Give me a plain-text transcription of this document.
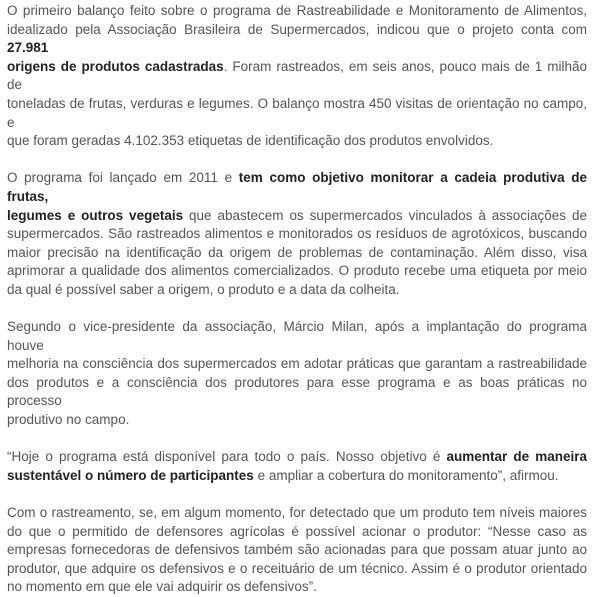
O primeiro balanço feito sobre o programa de Rastreabilidade e Monitoramento de Alimentos,
idealizado pela Associação Brasileira de Supermercados, indicou que o projeto conta com 27.981
origens de produtos cadastradas. Foram rastreados, em seis anos, pouco mais de 1 milhão de
toneladas de frutas, verduras e legumes. O balanço mostra 450 visitas de orientação no campo, e
que foram geradas 4.102.353 etiquetas de identificação dos produtos envolvidos.

O programa foi lançado em 2011 e tem como objetivo monitorar a cadeia produtiva de frutas,
legumes e outros vegetais que abastecem os supermercados vinculados à associações de
supermercados. São rastreados alimentos e monitorados os resíduos de agrotóxicos, buscando
maior precisão na identificação da origem de problemas de contaminação. Além disso, visa
aprimorar a qualidade dos alimentos comercializados. O produto recebe uma etiqueta por meio
da qual é possível saber a origem, o produto e a data da colheita.

Segundo o vice-presidente da associação, Márcio Milan, após a implantação do programa houve
melhoria na consciência dos supermercados em adotar práticas que garantam a rastreabilidade
dos produtos e a consciência dos produtores para esse programa e as boas práticas no processo
produtivo no campo.

“Hoje o programa está disponível para todo o país. Nosso objetivo é aumentar de maneira
sustentável o número de participantes e ampliar a cobertura do monitoramento”, afirmou.

Com o rastreamento, se, em algum momento, for detectado que um produto tem níveis maiores
do que o permitido de defensores agrícolas é possível acionar o produtor: “Nesse caso as
empresas fornecedoras de defensivos também são acionadas para que possam atuar junto ao
produtor, que adquire os defensivos e o receituário de um técnico. Assim é o produtor orientado
no momento em que ele vai adquirir os defensivos”.
